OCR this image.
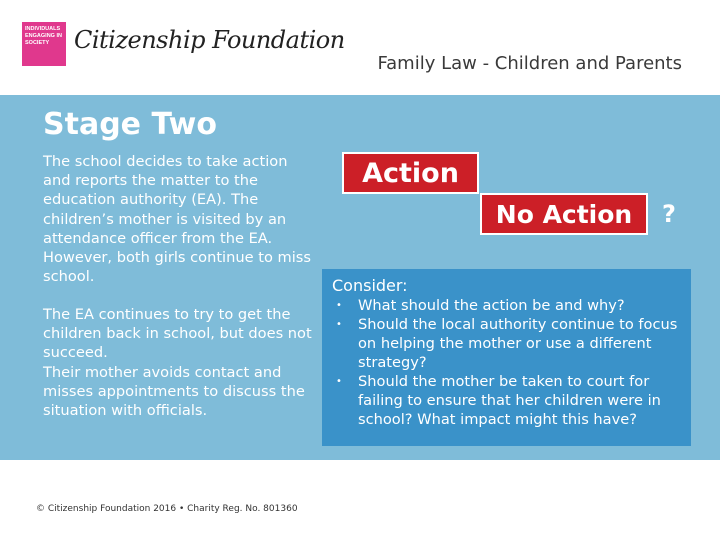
INDIVIDUALS
ENGAGING IN
SOCIETY	Citizenship Foundation
Family Law - Children and Parents
Stage Two

The school decides to take action and reports the matter to the education authority (EA). The children’s mother is visited by an attendance officer from the EA. However, both girls continue to miss school.

The EA continues to try to get the children back in school, but does not succeed.

Their mother avoids contact and misses appointments to discuss the situation with officials.

Action
No Action	?
Consider:
• What should the action be and why?
• Should the local authority continue to focus on helping the mother or use a different strategy?
• Should the mother be taken to court for failing to ensure that her children were in school? What impact might this have?
© Citizenship Foundation 2016 • Charity Reg. No. 801360
